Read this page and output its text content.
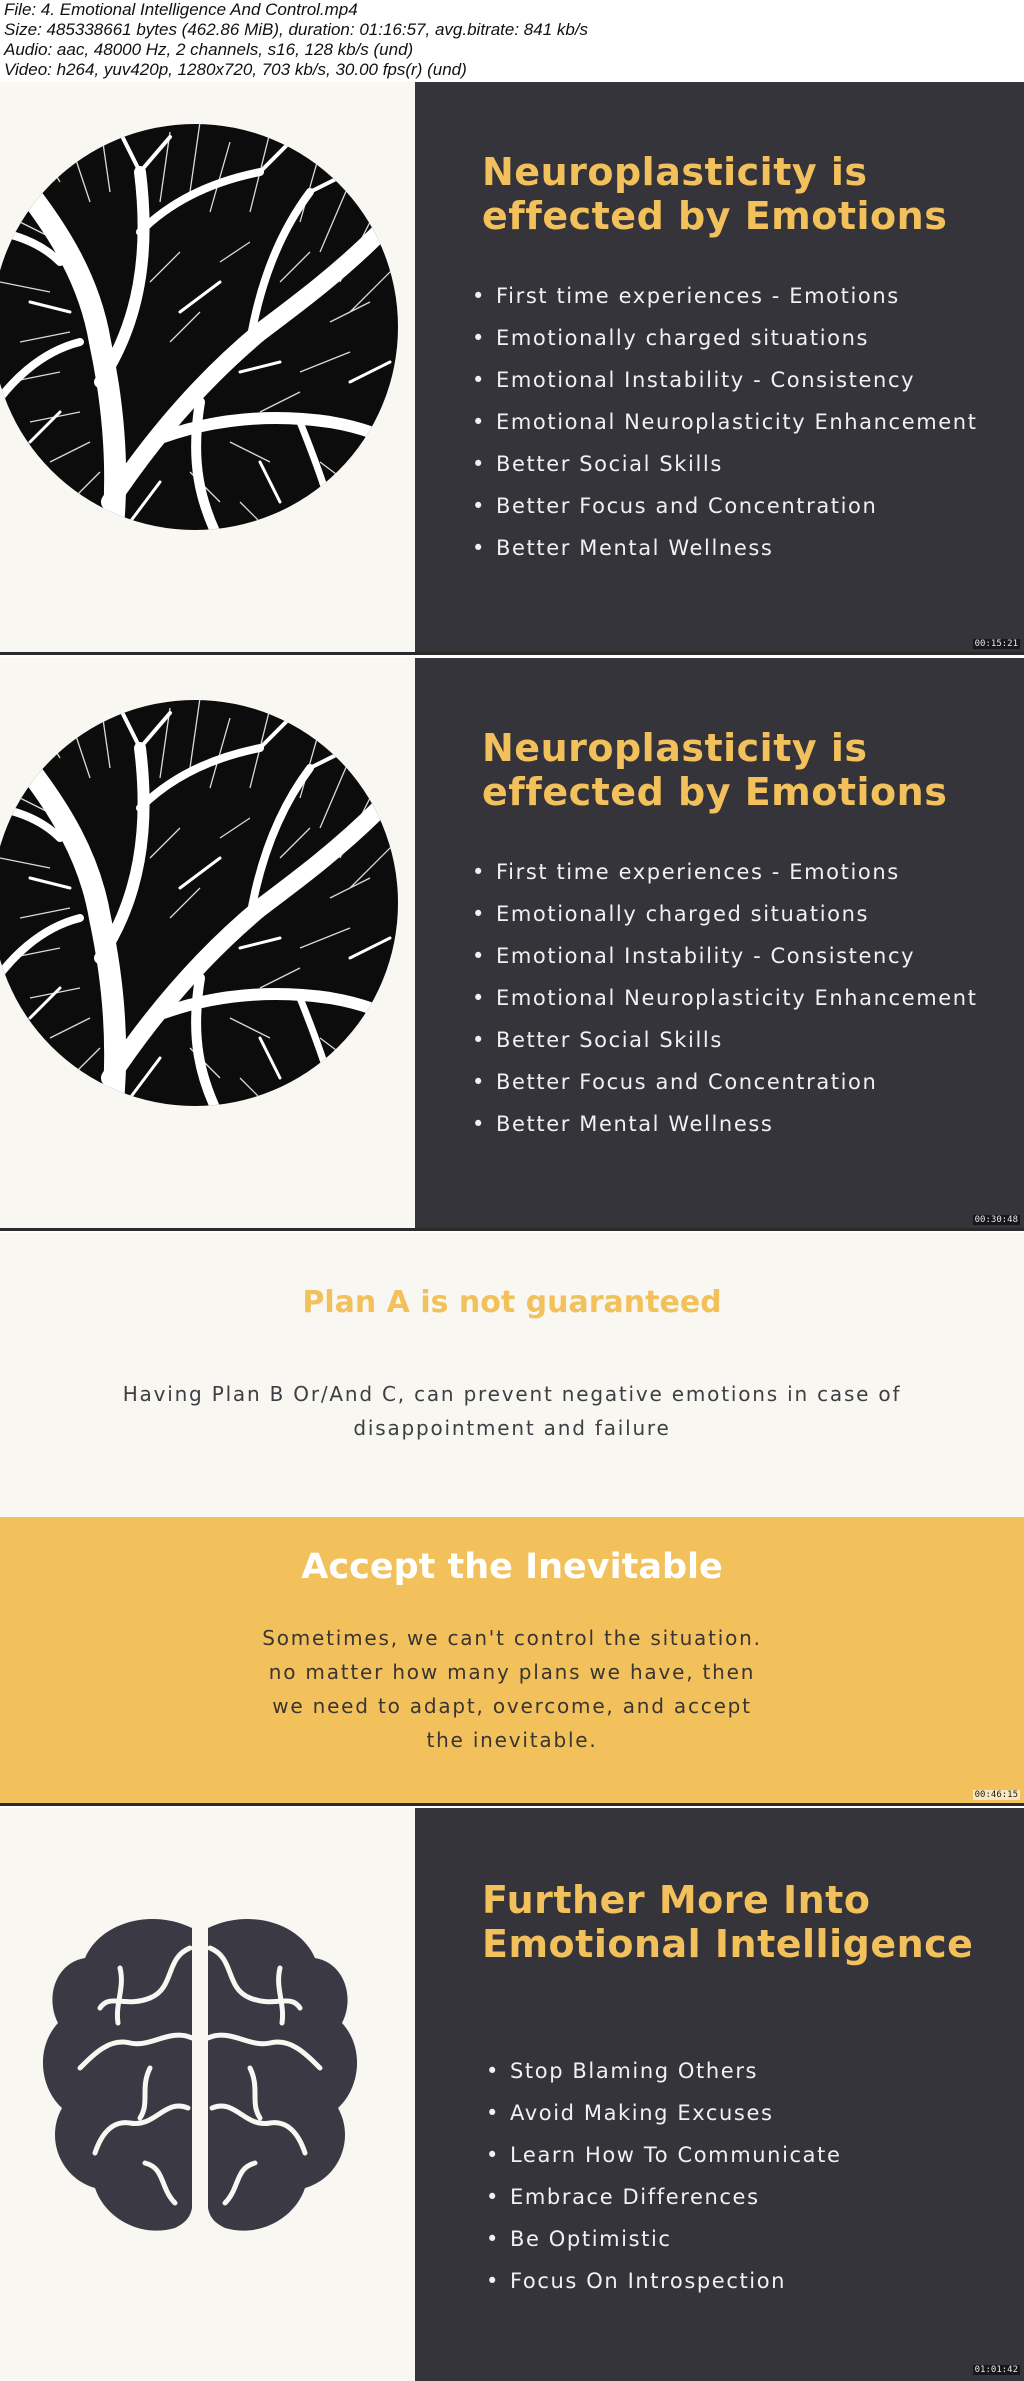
File: 4. Emotional Intelligence And Control.mp4
Size: 485338661 bytes (462.86 MiB), duration: 01:16:57, avg.bitrate: 841 kb/s
Audio: aac, 48000 Hz, 2 channels, s16, 128 kb/s (und)
Video: h264, yuv420p, 1280x720, 703 kb/s, 30.00 fps(r) (und)
Neuroplasticity is
effected by Emotions
• First time experiences - Emotions
• Emotionally charged situations
• Emotional Instability - Consistency
• Emotional Neuroplasticity Enhancement
• Better Social Skills
• Better Focus and Concentration
• Better Mental Wellness
00:15:21
Neuroplasticity is
effected by Emotions
• First time experiences - Emotions
• Emotionally charged situations
• Emotional Instability - Consistency
• Emotional Neuroplasticity Enhancement
• Better Social Skills
• Better Focus and Concentration
• Better Mental Wellness
00:30:48
Plan A is not guaranteed
Having Plan B Or/And C, can prevent negative emotions in case of
disappointment and failure
Accept the Inevitable
Sometimes, we can't control the situation.
no matter how many plans we have, then
we need to adapt, overcome, and accept
the inevitable.
00:46:15
Further More Into
Emotional Intelligence
• Stop Blaming Others
• Avoid Making Excuses
• Learn How To Communicate
• Embrace Differences
• Be Optimistic
• Focus On Introspection
01:01:42
